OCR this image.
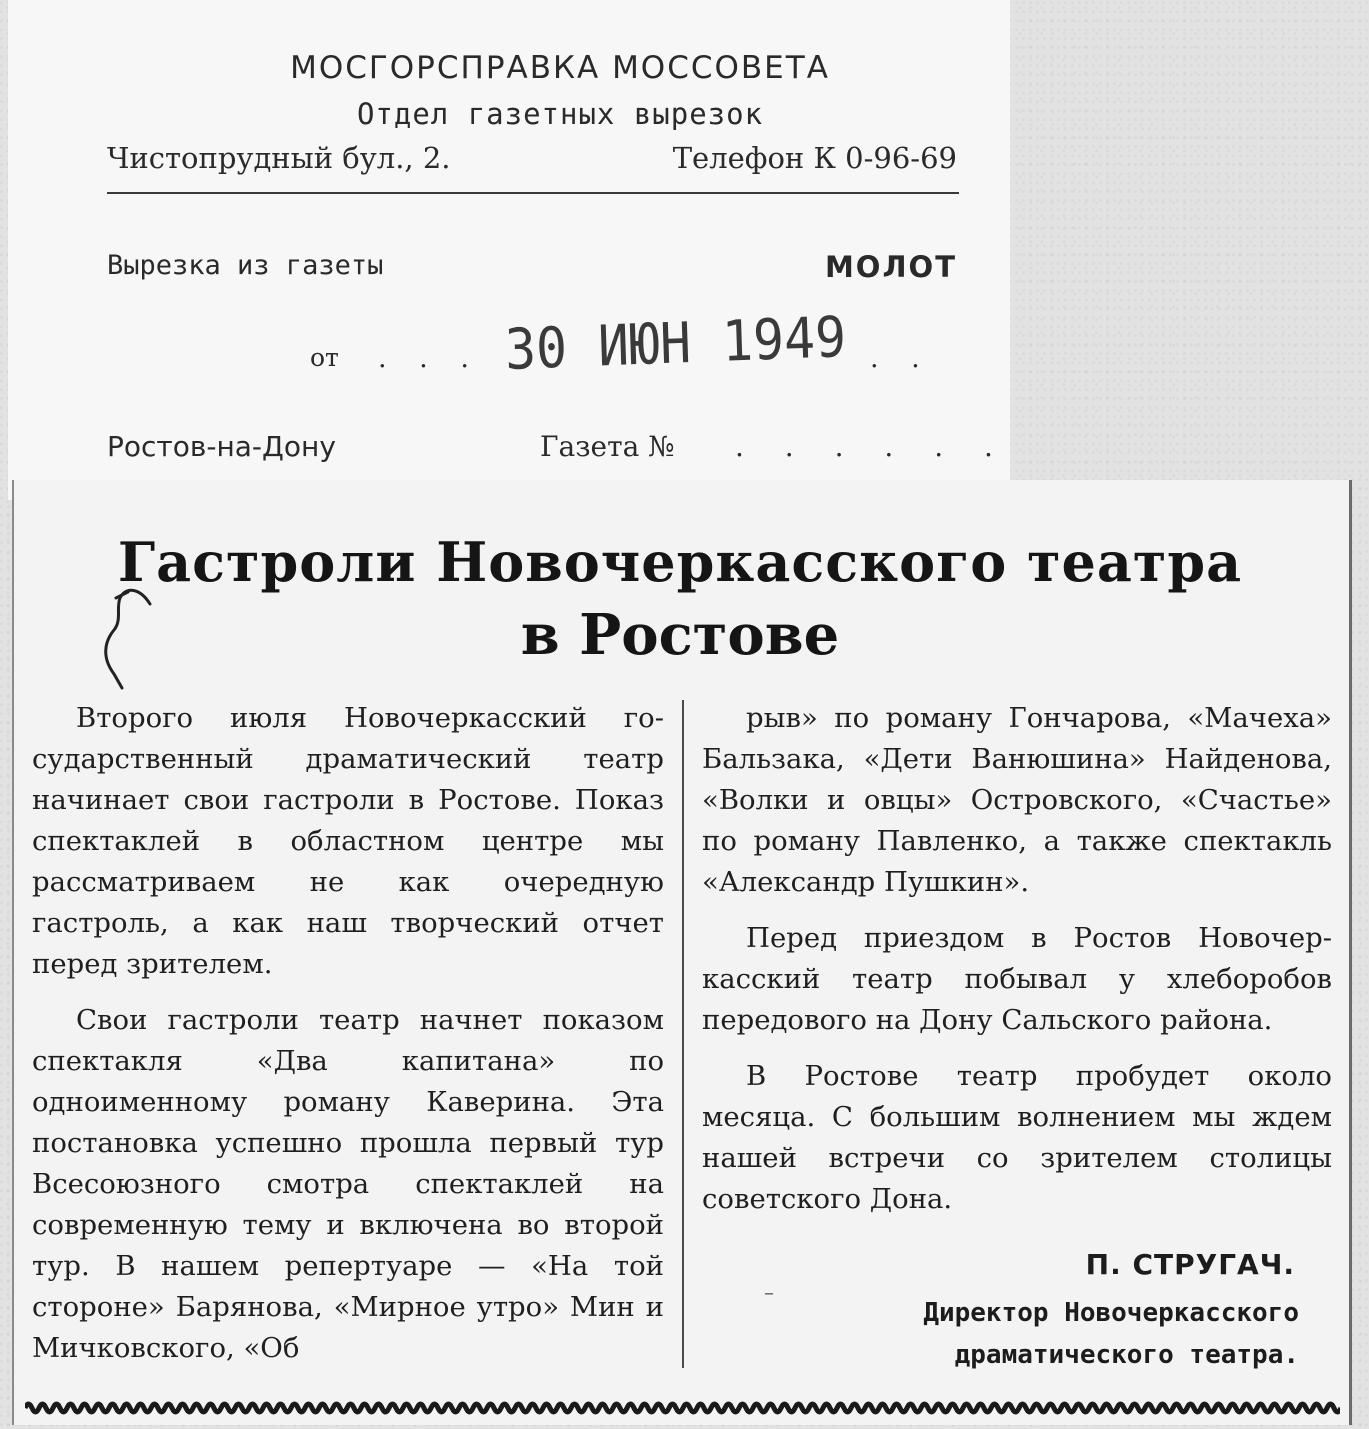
МОСГОРСПРАВКА МОССОВЕТА
Отдел газетных вырезок
Чистопрудный бул., 2.	Телефон К 0-96-69
Вырезка из газеты	МОЛОТ
от . . . 30 ИЮН 1949 . .
Ростов-на-Дону	Газета № . . . . . .
Гастроли Новочеркасского театра
в Ростове

Второго июля Новочеркасский государственный драматический театр начинает свои гастроли в Ростове. Показ спектаклей в областном центре мы рассматриваем не как очередную гастроль, а как наш творческий отчет перед зрителем.

Свои гастроли театр начнет показом спектакля «Два капитана» по одноименному роману Каверина. Эта постановка успешно прошла первый тур Всесоюзного смотра спектаклей на современную тему и включена во второй тур. В нашем репертуаре — «На той стороне» Барянова, «Мирное утро» Мин и Мичковского, «Об

рыв» по роману Гончарова, «Мачеха» Бальзака, «Дети Ванюшина» Найденова, «Волки и овцы» Островского, «Счастье» по роману Павленко, а также спектакль «Александр Пушкин».

Перед приездом в Ростов Новочеркасский театр побывал у хлеборобов передового на Дону Сальского района.

В Ростове театр пробудет около месяца. С большим волнением мы ждем нашей встречи со зрителем столицы советского Дона.

–
П. СТРУГАЧ.
Директор Новочеркасского
драматического театра.
